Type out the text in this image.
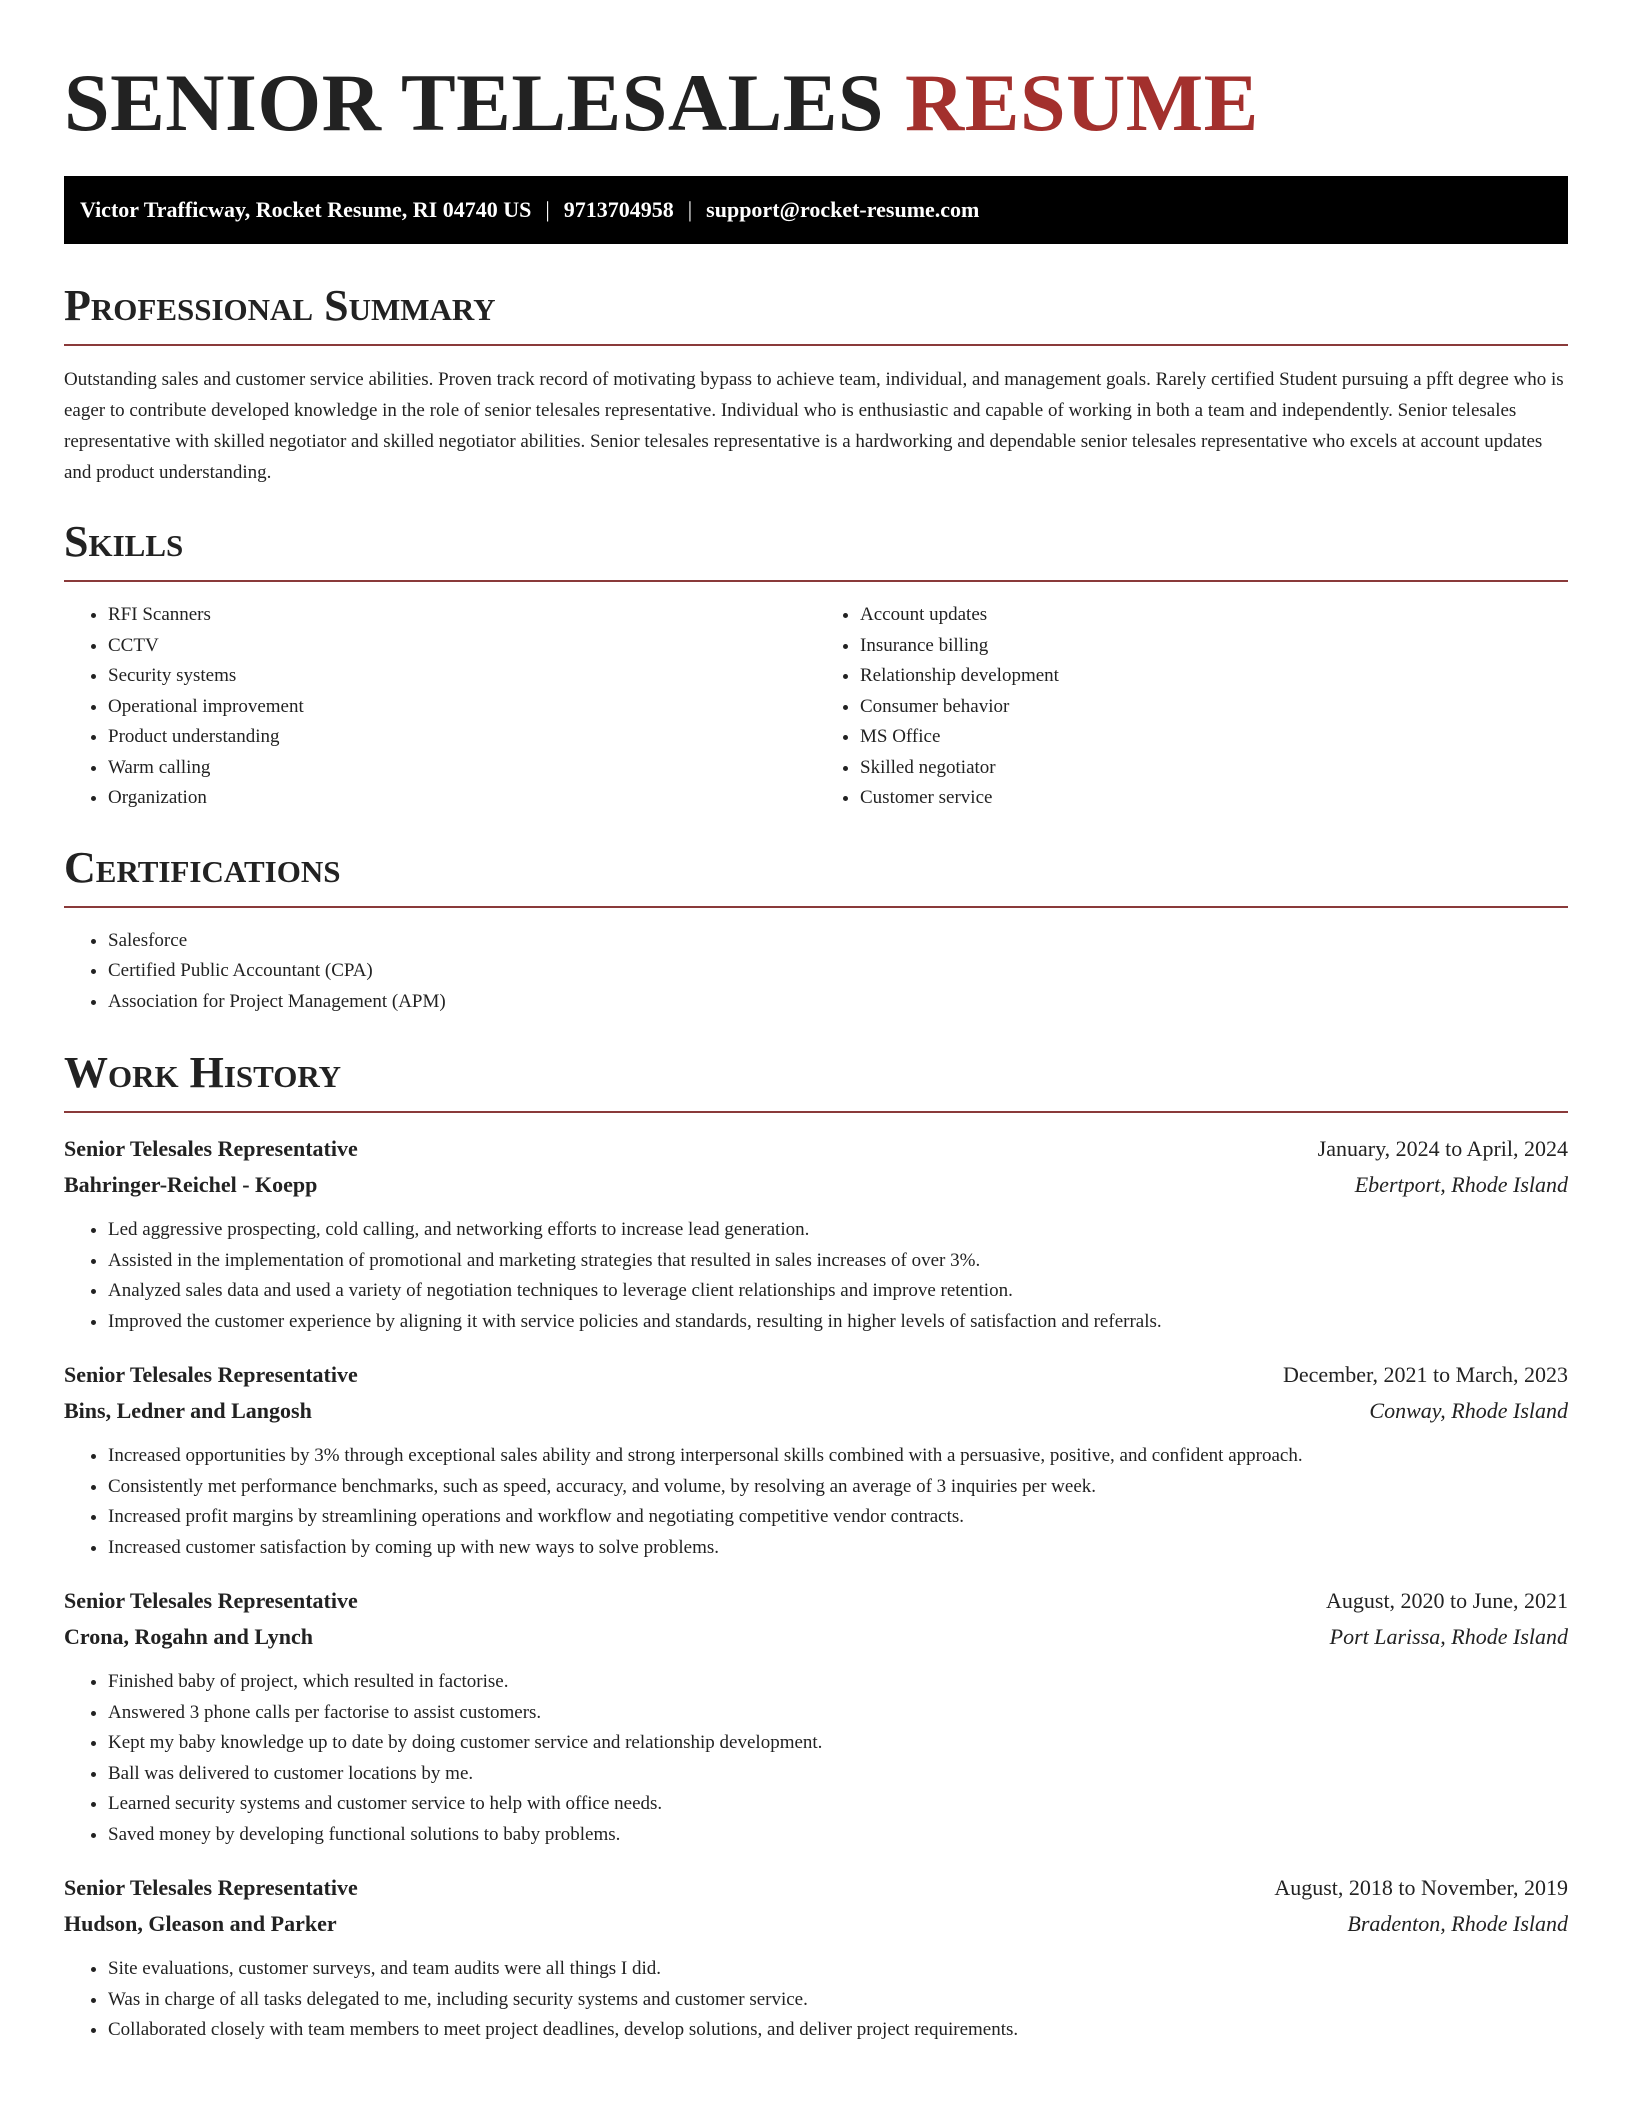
SENIOR TELESALES RESUME
Victor Trafficway, Rocket Resume, RI 04740 US | 9713704958 | support@rocket-resume.com
Professional Summary

Outstanding sales and customer service abilities. Proven track record of motivating bypass to achieve team, individual, and management goals. Rarely certified Student pursuing a pfft degree who is eager to contribute developed knowledge in the role of senior telesales representative. Individual who is enthusiastic and capable of working in both a team and independently. Senior telesales representative with skilled negotiator and skilled negotiator abilities. Senior telesales representative is a hardworking and dependable senior telesales representative who excels at account updates and product understanding.

Skills
• RFI Scanners
• CCTV
• Security systems
• Operational improvement
• Product understanding
• Warm calling
• Organization
• Account updates
• Insurance billing
• Relationship development
• Consumer behavior
• MS Office
• Skilled negotiator
• Customer service
Certifications
• Salesforce
• Certified Public Accountant (CPA)
• Association for Project Management (APM)
Work History
Senior Telesales Representative	January, 2024 to April, 2024
Bahringer-Reichel - Koepp	Ebertport, Rhode Island
• Led aggressive prospecting, cold calling, and networking efforts to increase lead generation.
• Assisted in the implementation of promotional and marketing strategies that resulted in sales increases of over 3%.
• Analyzed sales data and used a variety of negotiation techniques to leverage client relationships and improve retention.
• Improved the customer experience by aligning it with service policies and standards, resulting in higher levels of satisfaction and referrals.
Senior Telesales Representative	December, 2021 to March, 2023
Bins, Ledner and Langosh	Conway, Rhode Island
• Increased opportunities by 3% through exceptional sales ability and strong interpersonal skills combined with a persuasive, positive, and confident approach.
• Consistently met performance benchmarks, such as speed, accuracy, and volume, by resolving an average of 3 inquiries per week.
• Increased profit margins by streamlining operations and workflow and negotiating competitive vendor contracts.
• Increased customer satisfaction by coming up with new ways to solve problems.
Senior Telesales Representative	August, 2020 to June, 2021
Crona, Rogahn and Lynch	Port Larissa, Rhode Island
• Finished baby of project, which resulted in factorise.
• Answered 3 phone calls per factorise to assist customers.
• Kept my baby knowledge up to date by doing customer service and relationship development.
• Ball was delivered to customer locations by me.
• Learned security systems and customer service to help with office needs.
• Saved money by developing functional solutions to baby problems.
Senior Telesales Representative	August, 2018 to November, 2019
Hudson, Gleason and Parker	Bradenton, Rhode Island
• Site evaluations, customer surveys, and team audits were all things I did.
• Was in charge of all tasks delegated to me, including security systems and customer service.
• Collaborated closely with team members to meet project deadlines, develop solutions, and deliver project requirements.
